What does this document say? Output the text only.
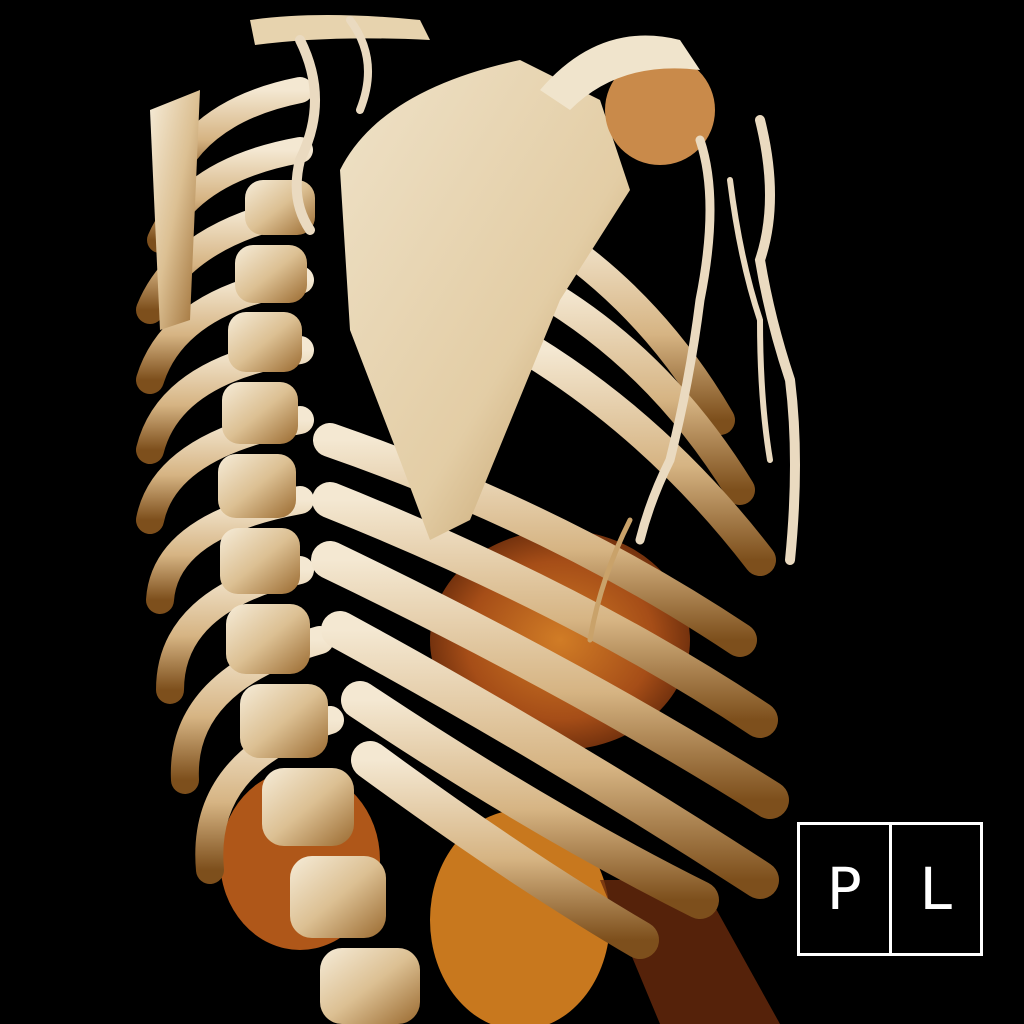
P L
